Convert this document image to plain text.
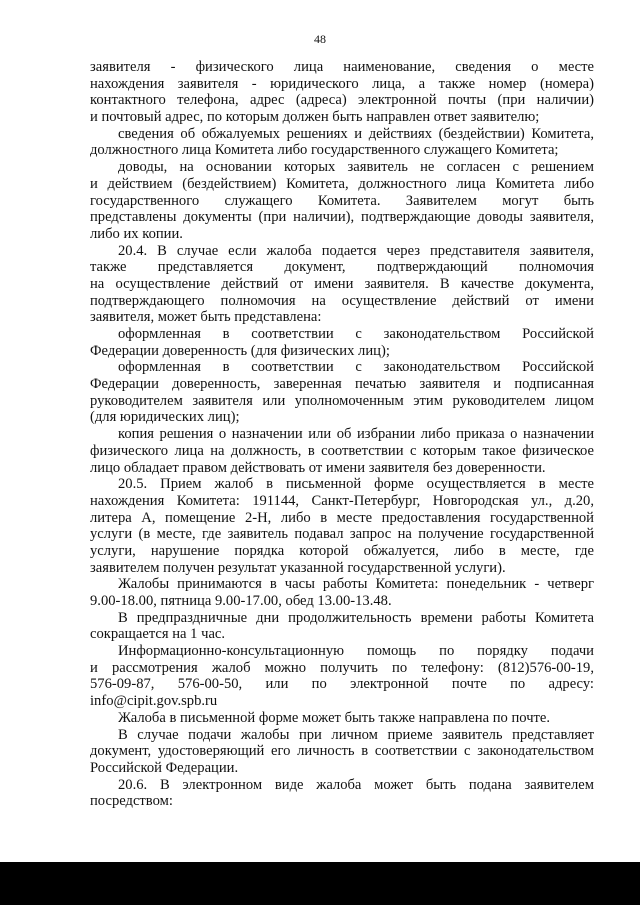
48
заявителя - физического лица наименование, сведения о месте
нахождения заявителя - юридического лица, а также номер (номера)
контактного телефона, адрес (адреса) электронной почты (при наличии)
и почтовый адрес, по которым должен быть направлен ответ заявителю;
сведения об обжалуемых решениях и действиях (бездействии) Комитета,
должностного лица Комитета либо государственного служащего Комитета;
доводы, на основании которых заявитель не согласен с решением
и действием (бездействием) Комитета, должностного лица Комитета либо
государственного служащего Комитета. Заявителем могут быть
представлены документы (при наличии), подтверждающие доводы заявителя,
либо их копии.
20.4. В случае если жалоба подается через представителя заявителя,
также представляется документ, подтверждающий полномочия
на осуществление действий от имени заявителя. В качестве документа,
подтверждающего полномочия на осуществление действий от имени
заявителя, может быть представлена:
оформленная в соответствии с законодательством Российской
Федерации доверенность (для физических лиц);
оформленная в соответствии с законодательством Российской
Федерации доверенность, заверенная печатью заявителя и подписанная
руководителем заявителя или уполномоченным этим руководителем лицом
(для юридических лиц);
копия решения о назначении или об избрании либо приказа о назначении
физического лица на должность, в соответствии с которым такое физическое
лицо обладает правом действовать от имени заявителя без доверенности.
20.5. Прием жалоб в письменной форме осуществляется в месте
нахождения Комитета: 191144, Санкт-Петербург, Новгородская ул., д.20,
литера А, помещение 2-Н, либо в месте предоставления государственной
услуги (в месте, где заявитель подавал запрос на получение государственной
услуги, нарушение порядка которой обжалуется, либо в месте, где
заявителем получен результат указанной государственной услуги).
Жалобы принимаются в часы работы Комитета: понедельник - четверг
9.00-18.00, пятница 9.00-17.00, обед 13.00-13.48.
В предпраздничные дни продолжительность времени работы Комитета
сокращается на 1 час.
Информационно-консультационную помощь по порядку подачи
и рассмотрения жалоб можно получить по телефону: (812)576-00-19,
576-09-87, 576-00-50, или по электронной почте по адресу:
info@cipit.gov.spb.ru
Жалоба в письменной форме может быть также направлена по почте.
В случае подачи жалобы при личном приеме заявитель представляет
документ, удостоверяющий его личность в соответствии с законодательством
Российской Федерации.
20.6. В электронном виде жалоба может быть подана заявителем
посредством:
